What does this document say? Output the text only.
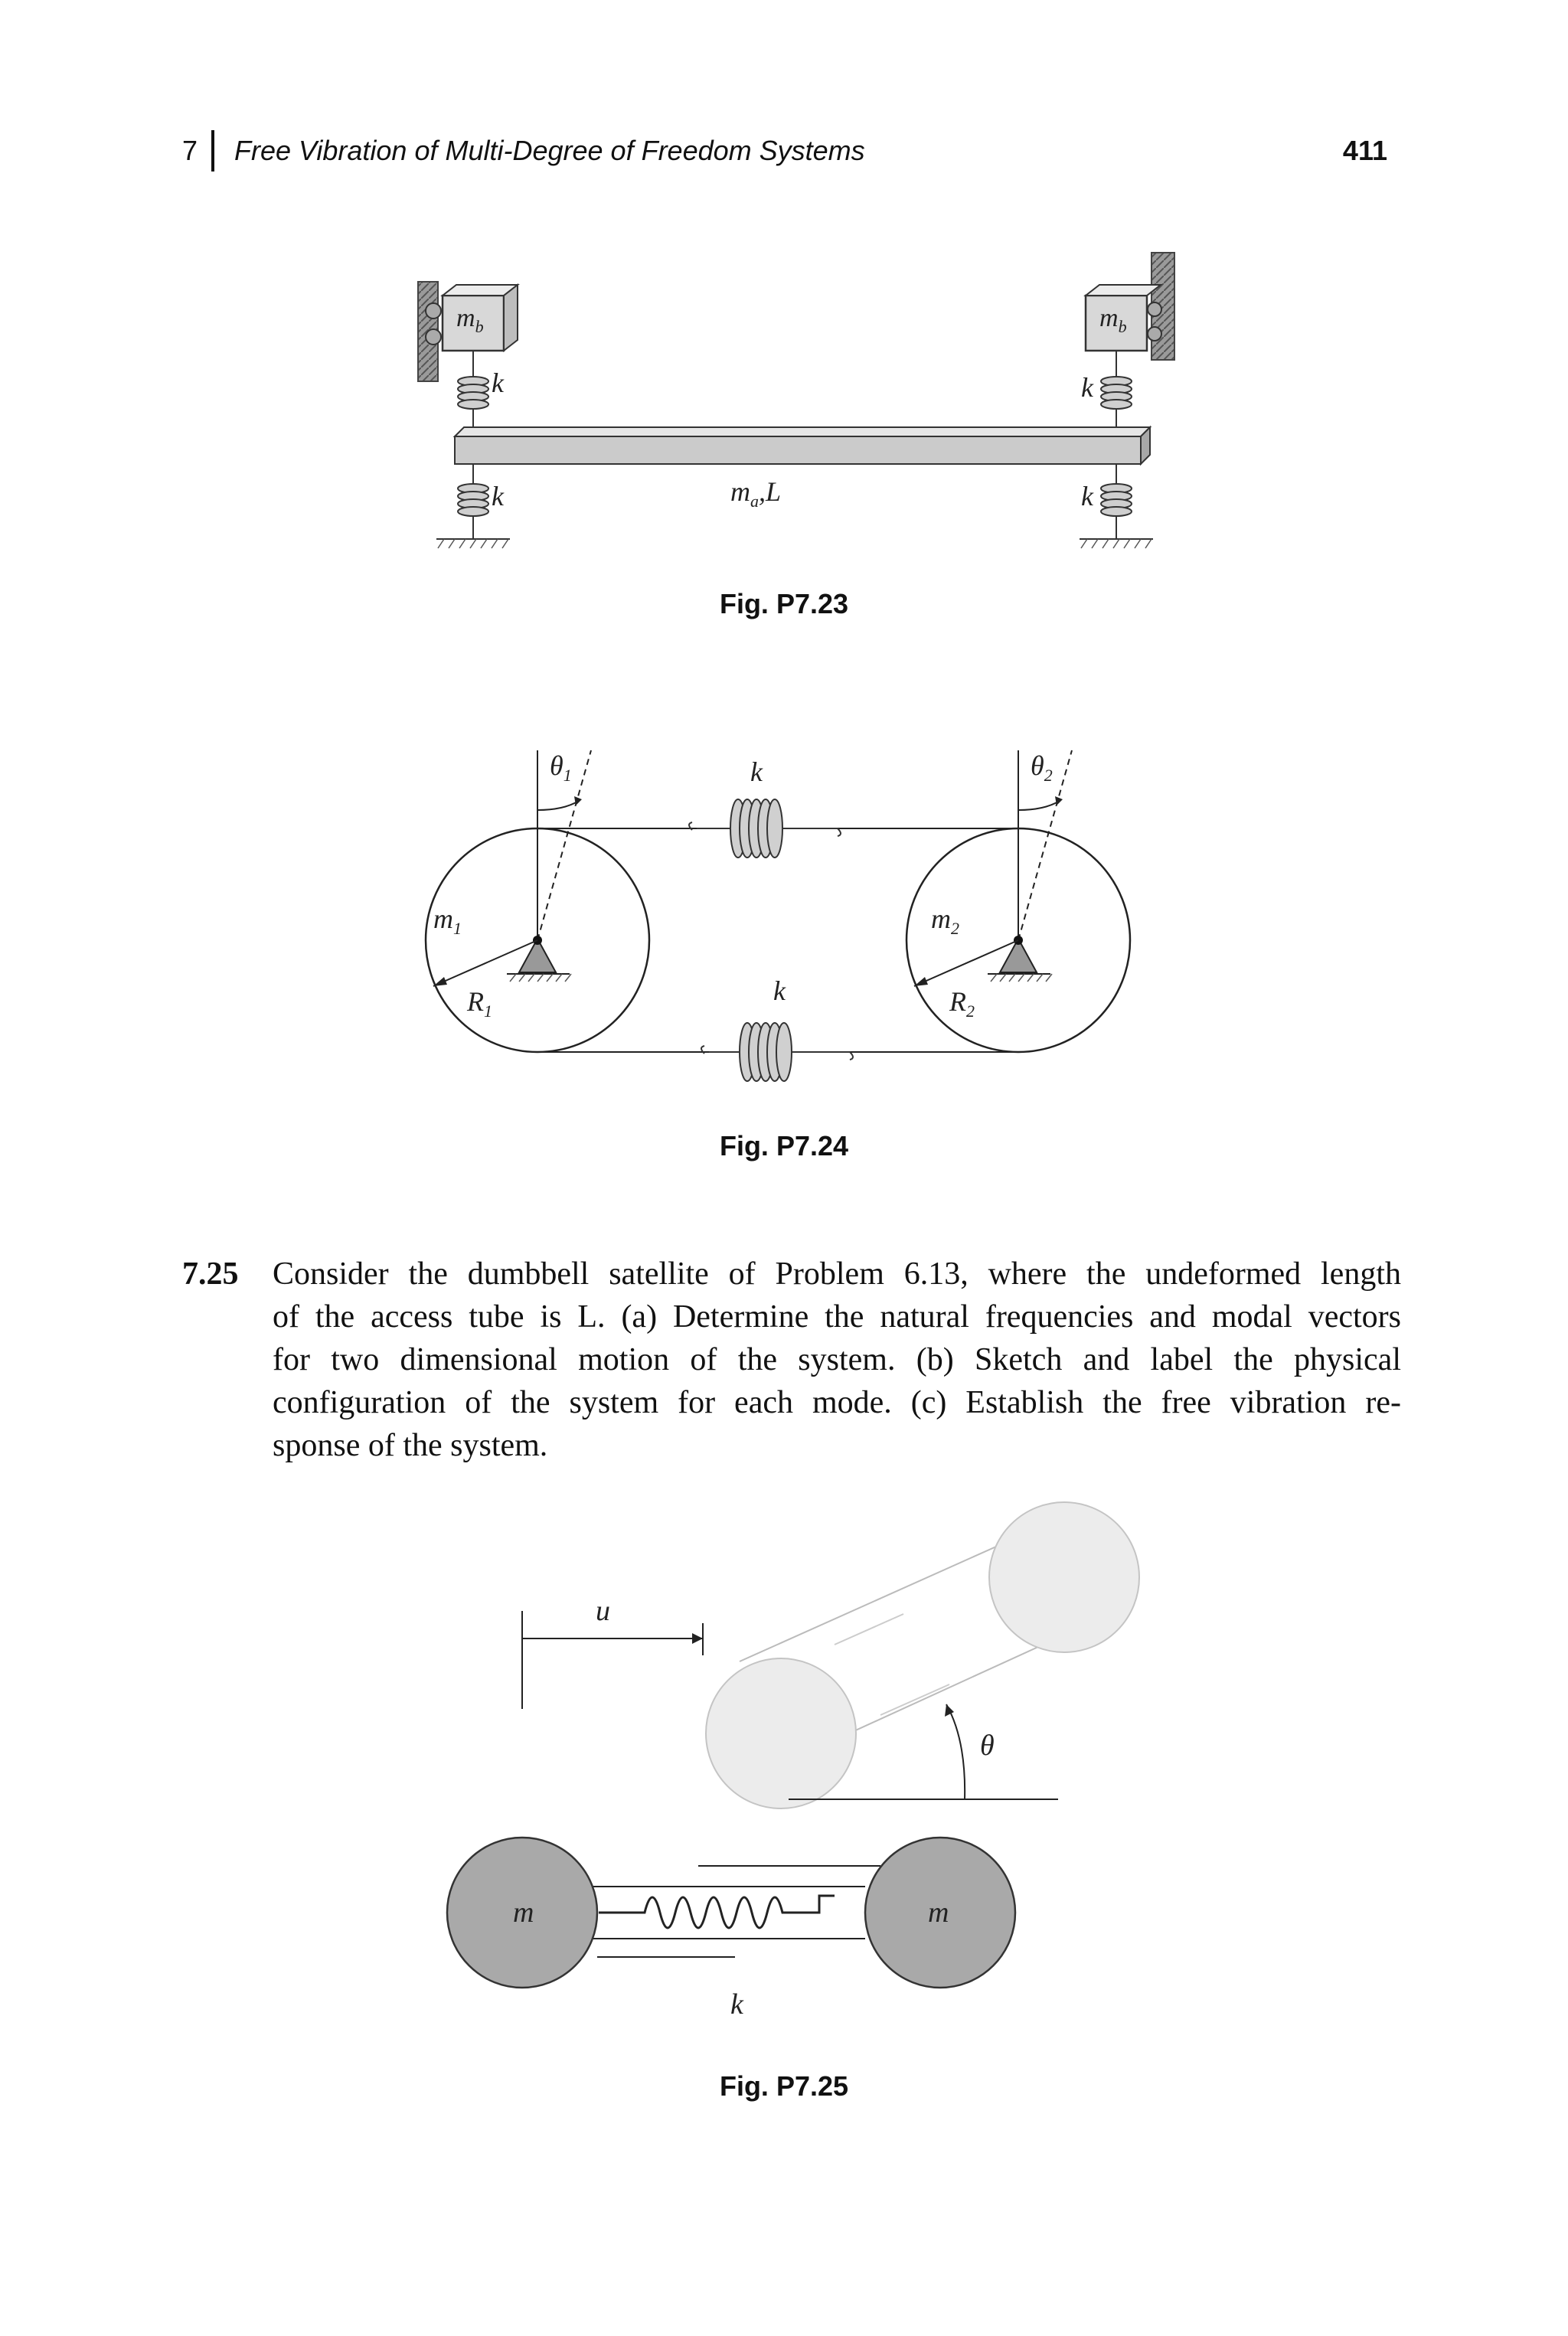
7 Free Vibration of Multi-Degree of Freedom Systems	411
$m_b$	$m_b$
k	k
$m_a,L$
k	k
Fig. P7.23
k
k
$\theta_1$
$m_1$
$R_1$
$\theta_2$
$m_2$
$R_2$
Fig. P7.24
7.25 Consider the dumbbell satellite of Problem 6.13, where the undeformed length
of the access tube is L. (a) Determine the natural frequencies and modal vectors
for two dimensional motion of the system. (b) Sketch and label the physical
configuration of the system for each mode. (c) Establish the free vibration re-
sponse of the system.
u
θ
m	m
k
Fig. P7.25
